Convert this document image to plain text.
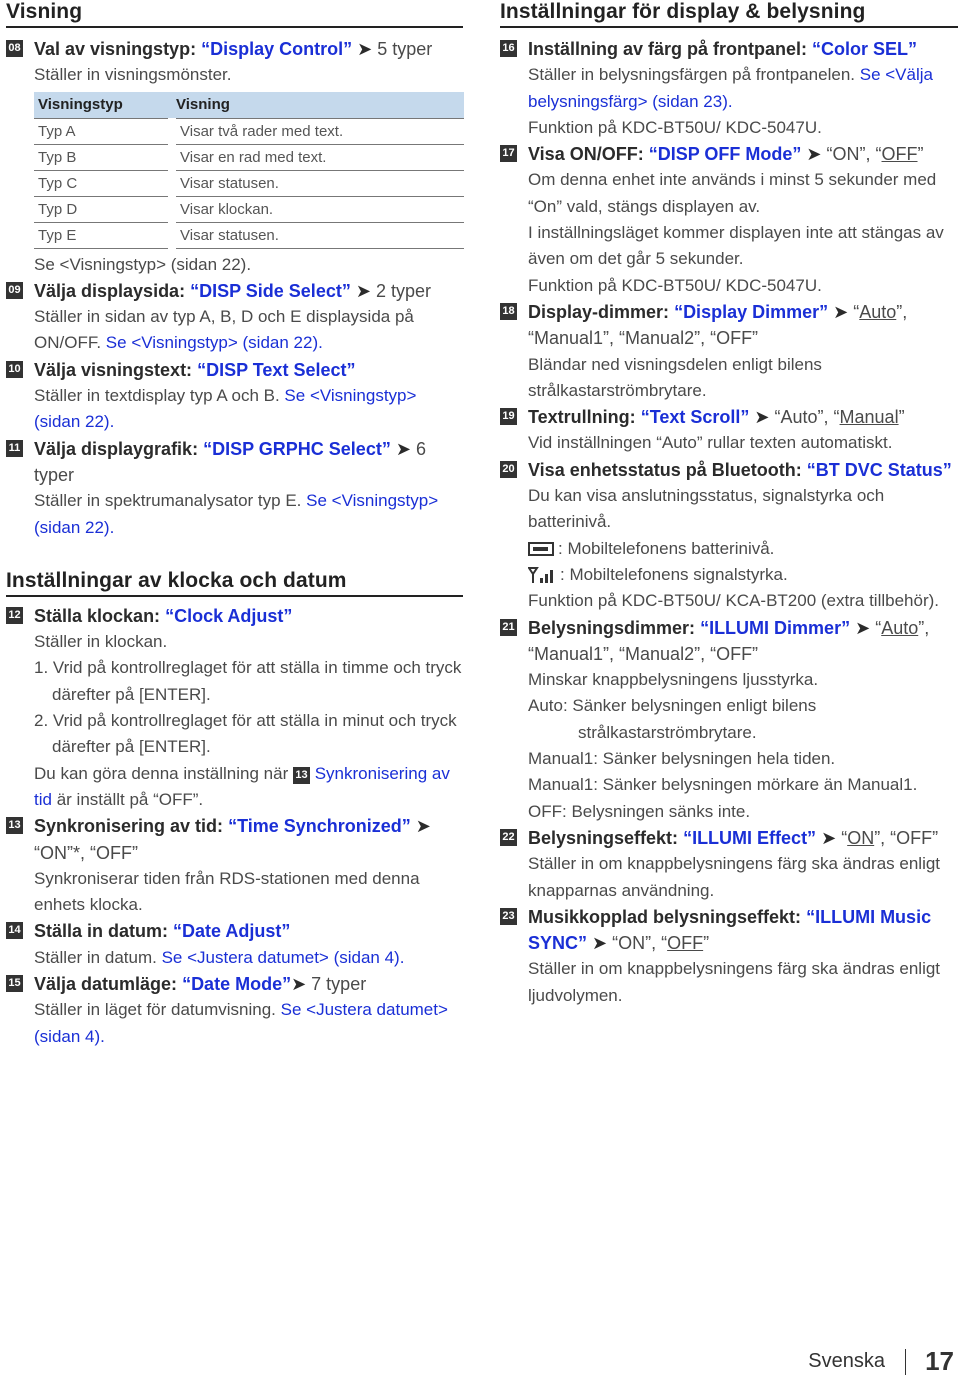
Visning
08 Val av visningstyp: “Display Control” ➤ 5 typer
Ställer in visningsmönster.
Visningstyp	Visning
Typ A	Visar två rader med text.
Typ B	Visar en rad med text.
Typ C	Visar statusen.
Typ D	Visar klockan.
Typ E	Visar statusen.
Se <Visningstyp> (sidan 22).
09 Välja displaysida: “DISP Side Select” ➤ 2 typer
Ställer in sidan av typ A, B, D och E displaysida på ON/OFF. Se <Visningstyp> (sidan 22).
10 Välja visningstext: “DISP Text Select”
Ställer in textdisplay typ A och B. Se <Visningstyp> (sidan 22).
11 Välja displaygrafik: “DISP GRPHC Select” ➤ 6 typer
Ställer in spektrumanalysator typ E. Se <Visningstyp> (sidan 22).
Inställningar av klocka och datum
12 Ställa klockan: “Clock Adjust”
Ställer in klockan.
1. Vrid på kontrollreglaget för att ställa in timme och tryck därefter på [ENTER].
2. Vrid på kontrollreglaget för att ställa in minut och tryck därefter på [ENTER].
Du kan göra denna inställning när 13 Synkronisering av tid är inställt på “OFF”.
13 Synkronisering av tid: “Time Synchronized” ➤ “ON”*, “OFF”
Synkroniserar tiden från RDS-stationen med denna enhets klocka.
14 Ställa in datum: “Date Adjust”
Ställer in datum. Se <Justera datumet> (sidan 4).
15 Välja datumläge: “Date Mode”➤ 7 typer
Ställer in läget för datumvisning. Se <Justera datumet> (sidan 4).
Inställningar för display & belysning
16 Inställning av färg på frontpanel: “Color SEL”
Ställer in belysningsfärgen på frontpanelen. Se <Välja belysningsfärg> (sidan 23).
Funktion på KDC-BT50U/ KDC-5047U.
17 Visa ON/OFF: “DISP OFF Mode” ➤ “ON”, “OFF”
Om denna enhet inte används i minst 5 sekunder med “On” vald, stängs displayen av.
I inställningsläget kommer displayen inte att stängas av även om det går 5 sekunder.
Funktion på KDC-BT50U/ KDC-5047U.
18 Display-dimmer: “Display Dimmer” ➤ “Auto”, “Manual1”, “Manual2”, “OFF”
Bländar ned visningsdelen enligt bilens strålkastarströmbrytare.
19 Textrullning: “Text Scroll” ➤ “Auto”, “Manual”
Vid inställningen “Auto” rullar texten automatiskt.
20 Visa enhetsstatus på Bluetooth: “BT DVC Status”
Du kan visa anslutningsstatus, signalstyrka och batterinivå.
: Mobiltelefonens batterinivå.
: Mobiltelefonens signalstyrka.
Funktion på KDC-BT50U/ KCA-BT200 (extra tillbehör).
21 Belysningsdimmer: “ILLUMI Dimmer” ➤ “Auto”, “Manual1”, “Manual2”, “OFF”
Minskar knappbelysningens ljusstyrka.
Auto: Sänker belysningen enligt bilens strålkastarströmbrytare.
Manual1: Sänker belysningen hela tiden.
Manual1: Sänker belysningen mörkare än Manual1.
OFF: Belysningen sänks inte.
22 Belysningseffekt: “ILLUMI Effect” ➤ “ON”, “OFF”
Ställer in om knappbelysningens färg ska ändras enligt knapparnas användning.
23 Musikkopplad belysningseffekt: “ILLUMI Music SYNC” ➤ “ON”, “OFF”
Ställer in om knappbelysningens färg ska ändras enligt ljudvolymen.
Svenska 17
